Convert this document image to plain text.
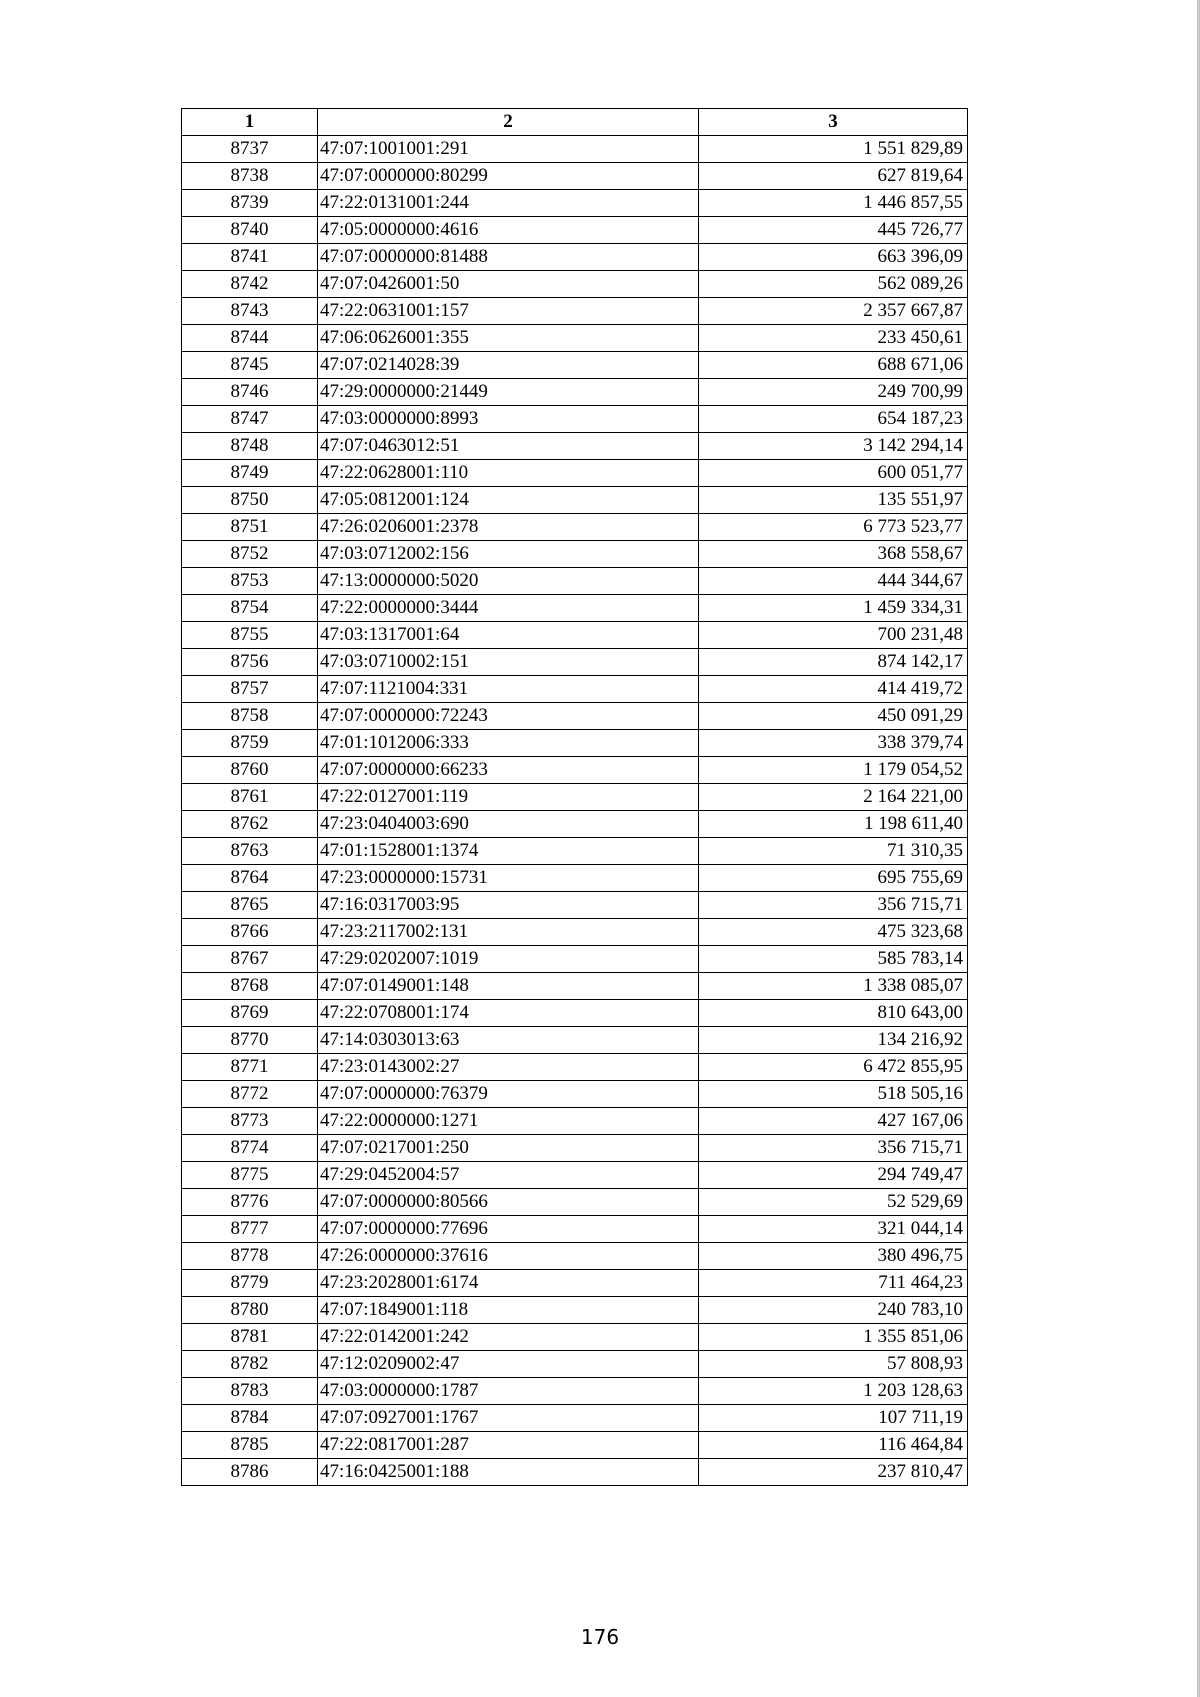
1	2	3
8737	47:07:1001001:291	1 551 829,89
8738	47:07:0000000:80299	627 819,64
8739	47:22:0131001:244	1 446 857,55
8740	47:05:0000000:4616	445 726,77
8741	47:07:0000000:81488	663 396,09
8742	47:07:0426001:50	562 089,26
8743	47:22:0631001:157	2 357 667,87
8744	47:06:0626001:355	233 450,61
8745	47:07:0214028:39	688 671,06
8746	47:29:0000000:21449	249 700,99
8747	47:03:0000000:8993	654 187,23
8748	47:07:0463012:51	3 142 294,14
8749	47:22:0628001:110	600 051,77
8750	47:05:0812001:124	135 551,97
8751	47:26:0206001:2378	6 773 523,77
8752	47:03:0712002:156	368 558,67
8753	47:13:0000000:5020	444 344,67
8754	47:22:0000000:3444	1 459 334,31
8755	47:03:1317001:64	700 231,48
8756	47:03:0710002:151	874 142,17
8757	47:07:1121004:331	414 419,72
8758	47:07:0000000:72243	450 091,29
8759	47:01:1012006:333	338 379,74
8760	47:07:0000000:66233	1 179 054,52
8761	47:22:0127001:119	2 164 221,00
8762	47:23:0404003:690	1 198 611,40
8763	47:01:1528001:1374	71 310,35
8764	47:23:0000000:15731	695 755,69
8765	47:16:0317003:95	356 715,71
8766	47:23:2117002:131	475 323,68
8767	47:29:0202007:1019	585 783,14
8768	47:07:0149001:148	1 338 085,07
8769	47:22:0708001:174	810 643,00
8770	47:14:0303013:63	134 216,92
8771	47:23:0143002:27	6 472 855,95
8772	47:07:0000000:76379	518 505,16
8773	47:22:0000000:1271	427 167,06
8774	47:07:0217001:250	356 715,71
8775	47:29:0452004:57	294 749,47
8776	47:07:0000000:80566	52 529,69
8777	47:07:0000000:77696	321 044,14
8778	47:26:0000000:37616	380 496,75
8779	47:23:2028001:6174	711 464,23
8780	47:07:1849001:118	240 783,10
8781	47:22:0142001:242	1 355 851,06
8782	47:12:0209002:47	57 808,93
8783	47:03:0000000:1787	1 203 128,63
8784	47:07:0927001:1767	107 711,19
8785	47:22:0817001:287	116 464,84
8786	47:16:0425001:188	237 810,47
176
